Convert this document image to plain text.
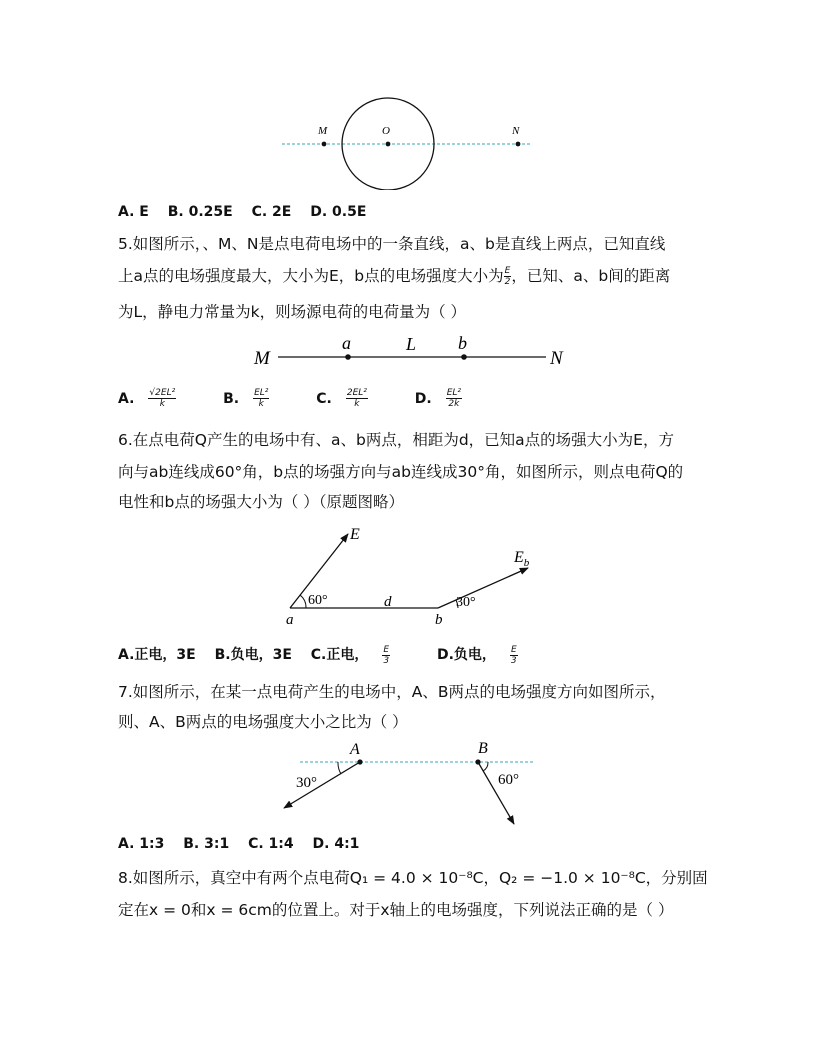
M	O	N
A. E B. 0.25E C. 2E D. 0.5E
5.如图所示，、M、N是点电荷电场中的一条直线，a、b是直线上两点，已知直线
上a点的电场强度最大，大小为E，b点的电场强度大小为 $\frac{E}{2}$ ，已知、a、b间的距离
为L，静电力常量为k，则场源电荷的电荷量为（ ）
M
a	L b
N
A. $\frac{\text{√2EL²}}{k} B$. $\frac{\text{EL²}}{k} C$. $\frac{\text{2EL²}}{k} D$. $\frac{\text{EL²}}{2k}$
6.在点电荷Q产生的电场中有、a、b两点，相距为d，已知a点的场强大小为E，方
向与ab连线成60°角，b点的场强方向与ab连线成30°角，如图所示，则点电荷Q的
电性和b点的场强大小为（ ）（原题图略）
E
$E_b$
60°	d	30°
a	b
A.正电，3E B.负电，3E C.正电， $\frac{E}{3} D$.负电， $\frac{E}{3}$
7.如图所示，在某一点电荷产生的电场中，A、B两点的电场强度方向如图所示，
则、A、B两点的电场强度大小之比为（ ）
A	B
30°	60°
A. 1:3 B. 3:1 C. 1:4 D. 4:1
8.如图所示，真空中有两个点电荷Q₁ = 4.0 × 10⁻⁸C，Q₂ = −1.0 × 10⁻⁸C，分别固
定在x = 0和x = 6cm的位置上。对于x轴上的电场强度，下列说法正确的是（ ）
